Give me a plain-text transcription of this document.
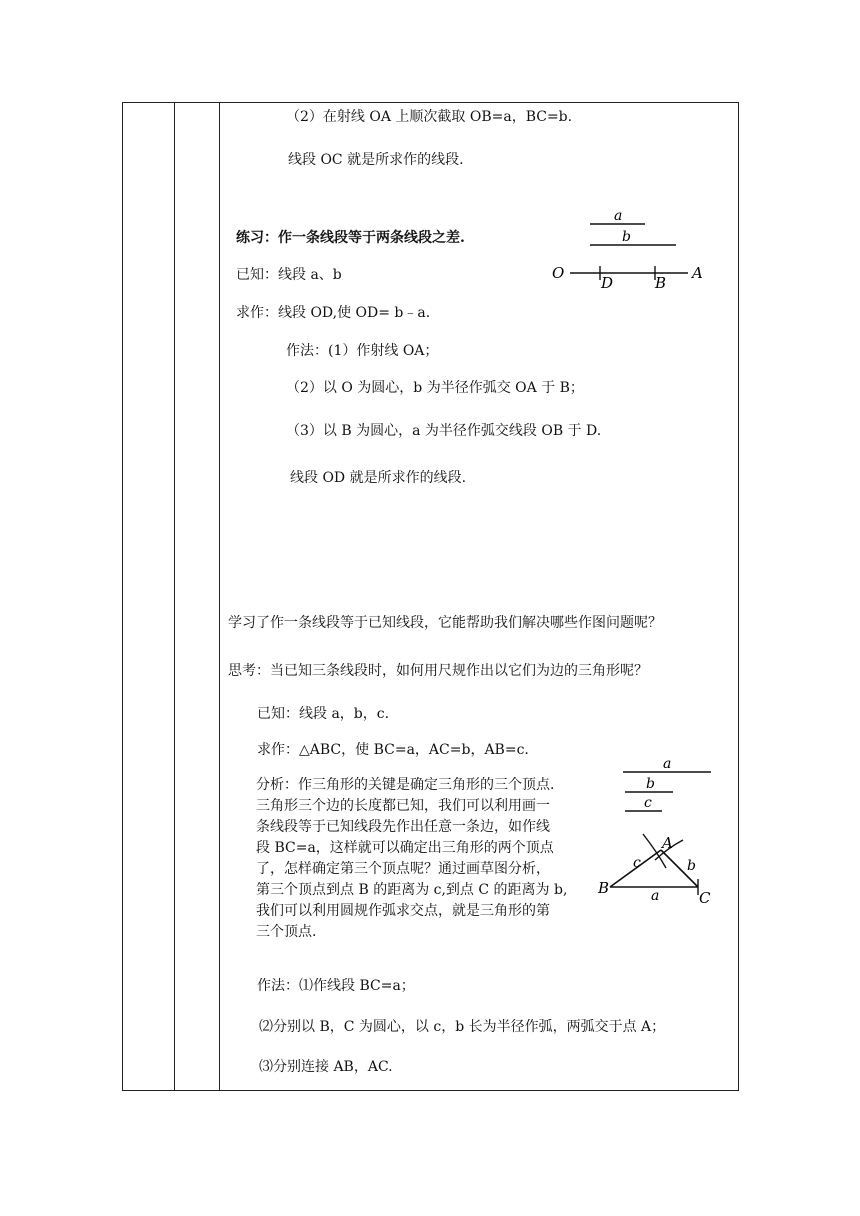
（2）在射线 OA 上顺次截取 OB=a，BC=b.
线段 OC 就是所求作的线段.
练习：作一条线段等于两条线段之差.
已知：线段 a、b
求作：线段 OD,使 OD= b﹣a.
作法：(1）作射线 OA；
（2）以 O 为圆心，b 为半径作弧交 OA 于 B；
（3）以 B 为圆心，a 为半径作弧交线段 OB 于 D.
线段 OD 就是所求作的线段.
a
b
O
D	B
A
学习了作一条线段等于已知线段，它能帮助我们解决哪些作图问题呢？
思考：当已知三条线段时，如何用尺规作出以它们为边的三角形呢？
已知：线段 a，b，c.
求作：△ABC，使 BC=a，AC=b，AB=c.
分析：作三角形的关键是确定三角形的三个顶点.
三角形三个边的长度都已知，我们可以利用画一
条线段等于已知线段先作出任意一条边，如作线
段 BC=a，这样就可以确定出三角形的两个顶点
了，怎样确定第三个顶点呢？通过画草图分析，
第三个顶点到点 B 的距离为 c,到点 C 的距离为 b,
我们可以利用圆规作弧求交点，就是三角形的第
三个顶点.
a
b
c
A
B
C
a
b
c
作法：⑴作线段 BC=a；
⑵分别以 B，C 为圆心，以 c，b 长为半径作弧，两弧交于点 A；
⑶分别连接 AB，AC.
